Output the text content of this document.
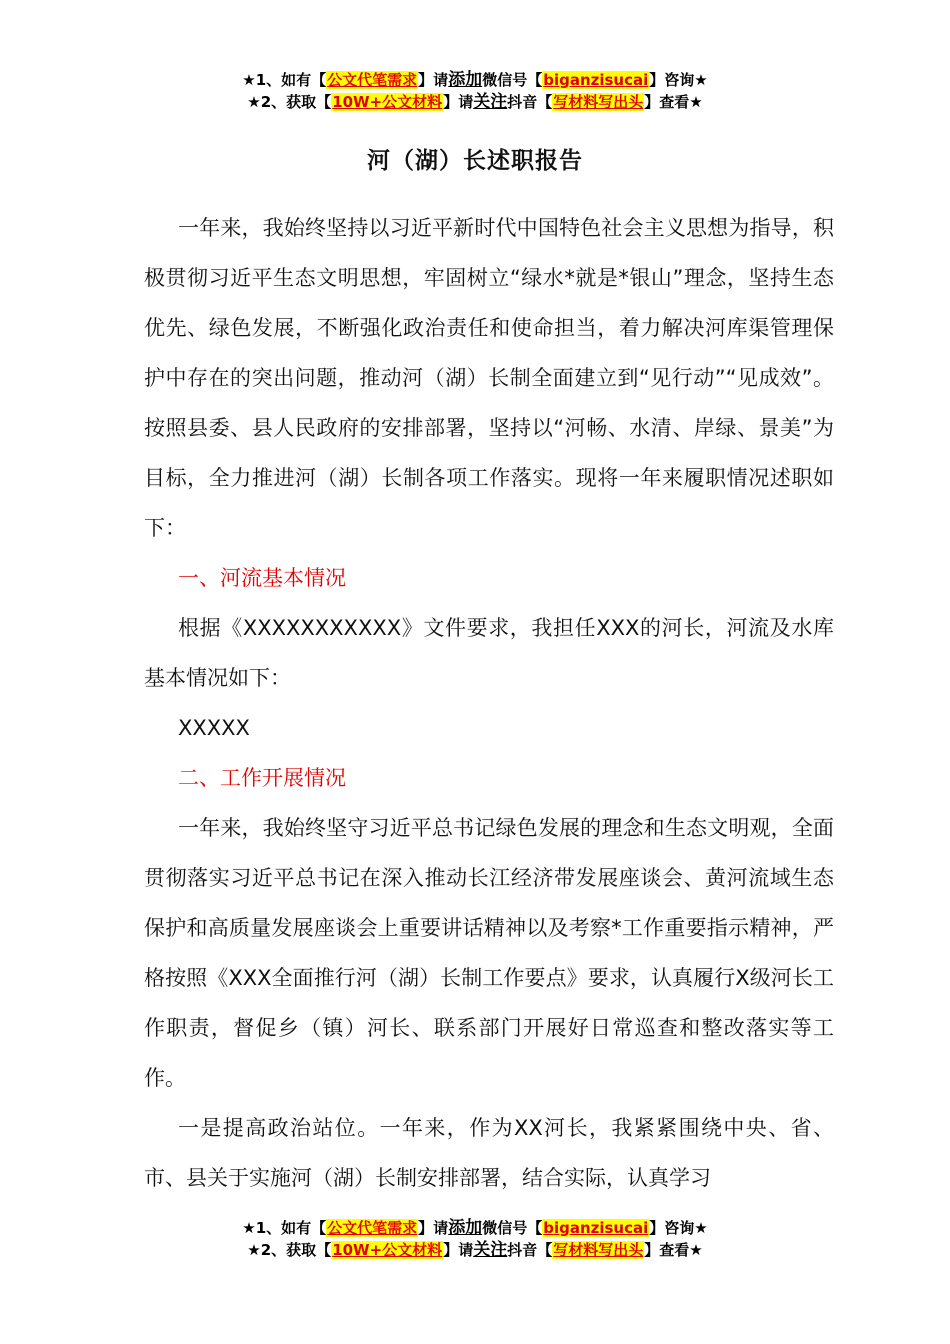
★1、如有【公文代笔需求】请添加微信号【biganzisucai】咨询★
★2、获取【10W+公文材料】请关注抖音【写材料写出头】查看★
河（湖）长述职报告

一年来，我始终坚持以习近平新时代中国特色社会主义思想为指导，积极贯彻习近平生态文明思想，牢固树立“绿水*就是*银山”理念，坚持生态优先、绿色发展，不断强化政治责任和使命担当，着力解决河库渠管理保护中存在的突出问题，推动河（湖）长制全面建立到“见行动”“见成效”。按照县委、县人民政府的安排部署，坚持以“河畅、水清、岸绿、景美”为目标，全力推进河（湖）长制各项工作落实。现将一年来履职情况述职如下：

一、河流基本情况

根据《XXXXXXXXXXX》文件要求，我担任XXX的河长，河流及水库基本情况如下：

XXXXX

二、工作开展情况

一年来，我始终坚守习近平总书记绿色发展的理念和生态文明观，全面贯彻落实习近平总书记在深入推动长江经济带发展座谈会、黄河流域生态保护和高质量发展座谈会上重要讲话精神以及考察*工作重要指示精神，严格按照《XXX全面推行河（湖）长制工作要点》要求，认真履行X级河长工作职责，督促乡（镇）河长、联系部门开展好日常巡查和整改落实等工作。

一是提高政治站位。一年来，作为XX河长，我紧紧围绕中央、省、市、县关于实施河（湖）长制安排部署，结合实际，认真学习

★1、如有【公文代笔需求】请添加微信号【biganzisucai】咨询★
★2、获取【10W+公文材料】请关注抖音【写材料写出头】查看★
